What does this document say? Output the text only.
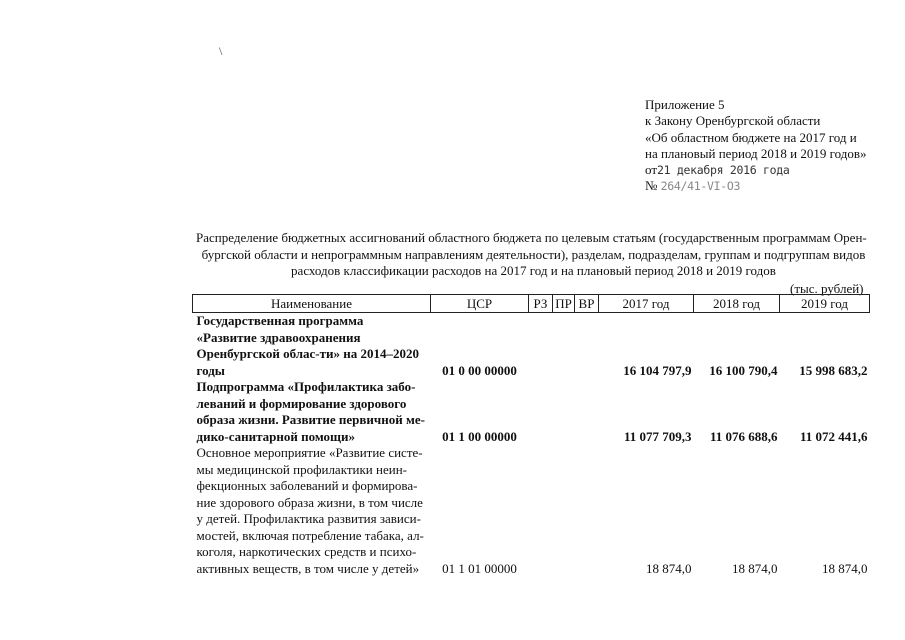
\
Приложение 5
к Закону Оренбургской области
«Об областном бюджете на 2017 год и
на плановый период 2018 и 2019 годов»
от21 декабря 2016 года
№ 264/41-VI-ОЗ
Распределение бюджетных ассигнований областного бюджета по целевым статьям (государственным программам Орен-
бургской области и непрограммным направлениям деятельности), разделам, подразделам, группам и подгруппам видов
расходов классификации расходов на 2017 год и на плановый период 2018 и 2019 годов
(тыс. рублей)
Наименование	ЦСР	РЗ	ПР	ВР	2017 год	2018 год	2019 год
Государственная программа «Развитие здравоохранения Оренбургской облас-ти» на 2014–2020 годы	01 0 00 00000				16 104 797,9	16 100 790,4	15 998 683,2
Подпрограмма «Профилактика забо-леваний и формирование здорового образа жизни. Развитие первичной ме-дико-санитарной помощи»	01 1 00 00000				11 077 709,3	11 076 688,6	11 072 441,6
Основное мероприятие «Развитие систе-мы медицинской профилактики неин-фекционных заболеваний и формирова-ние здорового образа жизни, в том числе у детей. Профилактика развития зависи-мостей, включая потребление табака, ал-коголя, наркотических средств и психо-активных веществ, в том числе у детей»	01 1 01 00000				18 874,0	18 874,0	18 874,0
